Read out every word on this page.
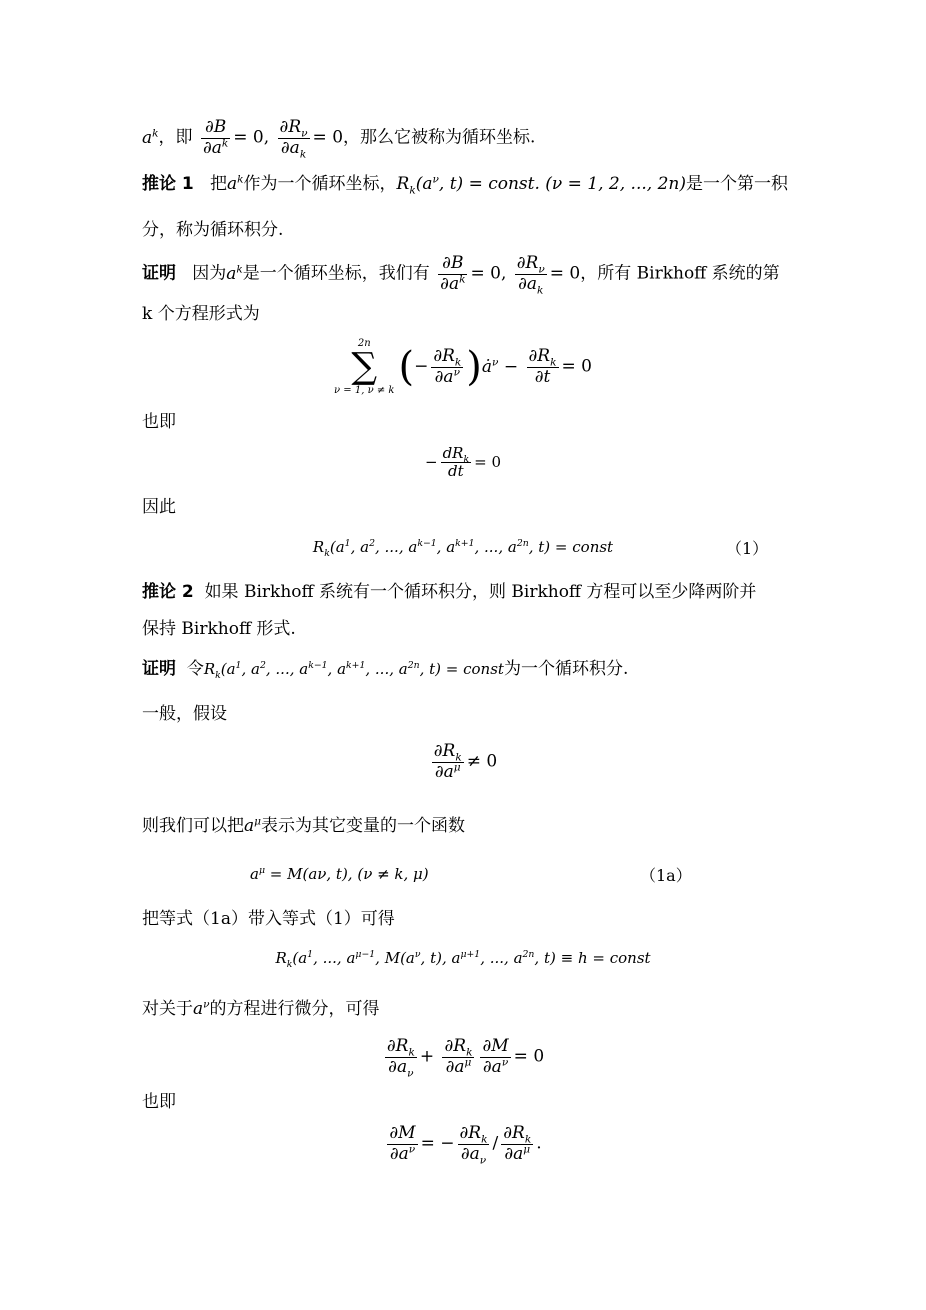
$a^k$，即 $\frac{\partial B}{\partial a^k} = 0$, $\frac{\partial R_\nu}{\partial a_k} = 0$，那么它被称为循环坐标.
推论 1 把$a^k$作为一个循环坐标，$R_k(a^\nu$, t) = const. (ν = 1, 2, ..., 2n)是一个第一积
分，称为循环积分.
证明 因为$a^k$是一个循环坐标，我们有 $\frac{\partial B}{\partial a^k} = 0$, $\frac{\partial R_\nu}{\partial a_k} = 0$，所有 Birkhoff 系统的第
k 个方程形式为
2n
∑
ν = 1, ν ≠ k
(− $\frac{\partial R_k}{\partial a^\nu}$ )$ȧ^\nu - \frac{\partial R_k}{\partial t} = 0$
也即
− $\frac{dR_k}{dt} = 0$
因此
$R_k(a^1$, $a^2$, ..., $a^{k-1}$, $a^{k+1}$, ..., $a^{2n}$, t) = const	（1）
推论 2 如果 Birkhoff 系统有一个循环积分，则 Birkhoff 方程可以至少降两阶并
保持 Birkhoff 形式.
证明 令$R_k(a^1$, $a^2$, ..., $a^{k-1}$, $a^{k+1}$, ..., $a^{2n}$, t) = const为一个循环积分.
一般，假设
$\frac{\partial R_k}{\partial a^\mu} \ne 0$
则我们可以把$a^\mu$表示为其它变量的一个函数
$a^\mu = M(a\nu$, t), (ν ≠ k, μ)	（1a）
把等式（1a）带入等式（1）可得
$R_k(a^1$, ..., $a^{\mu-1}$, $M(a^\nu$, t), $a^{\mu+1}$, ..., $a^{2n}$, t) ≡ h = const
对关于$a^\nu$的方程进行微分，可得
$\frac{\partial R_k}{\partial a_\nu} + \frac{\partial R_k}{\partial a^\mu} \frac{\partial M}{\partial a^\nu} = 0$
也即
$\frac{\partial M}{\partial a^\nu}$ = − $\frac{\partial R_k}{\partial a_\nu} / \frac{\partial R_k}{\partial a^\mu}$ .
